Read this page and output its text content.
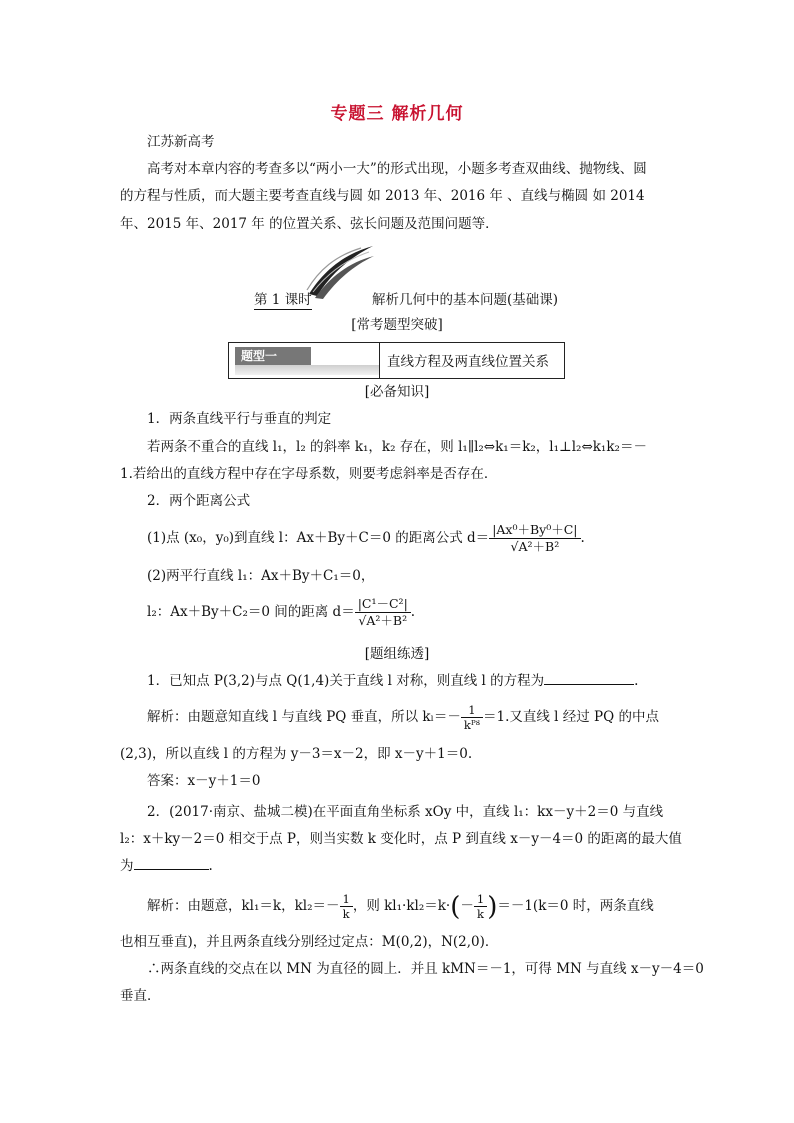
专题三 解析几何
江苏新高考
高考对本章内容的考查多以“两小一大”的形式出现，小题多考查双曲线、抛物线、圆
的方程与性质，而大题主要考查直线与圆 如 2013 年、2016 年 、直线与椭圆 如 2014
年、2015 年、2017 年 的位置关系、弦长问题及范围问题等．
第 1 课时	解析几何中的基本问题(基础课)
[常考题型突破]
题型一	直线方程及两直线位置关系
[必备知识]
1．两条直线平行与垂直的判定
若两条不重合的直线 l₁，l₂ 的斜率 k₁，k₂ 存在，则 l₁∥l₂⇔k₁＝k₂，l₁⊥l₂⇔k₁k₂＝－
1.若给出的直线方程中存在字母系数，则要考虑斜率是否存在．
2．两个距离公式
(1)点 (x₀，y₀)到直线 l：Ax＋By＋C＝0 的距离公式 $d= \frac{\text{|Ax⁰＋By⁰＋C|}}{\text{√A²＋B²}}$ .
(2)两平行直线 l₁：Ax＋By＋C₁＝0，
l₂：Ax＋By＋C₂＝0 间的距离 $d= \frac{\text{|C¹－C²|}}{\text{√A²＋B²}}$ .
[题组练透]
1．已知点 P(3,2)与点 Q(1,4)关于直线 l 对称，则直线 l 的方程为	.
解析：由题意知直线 l 与直线 PQ 垂直，所以 $k_l=- \frac{1}{\text{kᴾᴽ}} =1$.又直线 l 经过 PQ 的中点
(2,3)，所以直线 l 的方程为 y－3＝x－2，即 x－y＋1＝0.
答案：x－y＋1＝0
2．(2017·南京、盐城二模)在平面直角坐标系 xOy 中，直线 l₁：kx－y＋2＝0 与直线
l₂：x＋ky－2＝0 相交于点 P，则当实数 k 变化时，点 P 到直线 x－y－4＝0 的距离的最大值
为	.
解析：由题意，kl₁＝k，$kl_2=- \frac{1}{k}$ ，则 $kl_1\cdot kl_2=k\cdot(- \frac{1}{k} )=-1(k=0$ 时，两条直线
也相互垂直)，并且两条直线分别经过定点：M(0,2)，N(2,0)．
∴两条直线的交点在以 MN 为直径的圆上．并且 kMN＝－1，可得 MN 与直线 x－y－4＝0
垂直．
